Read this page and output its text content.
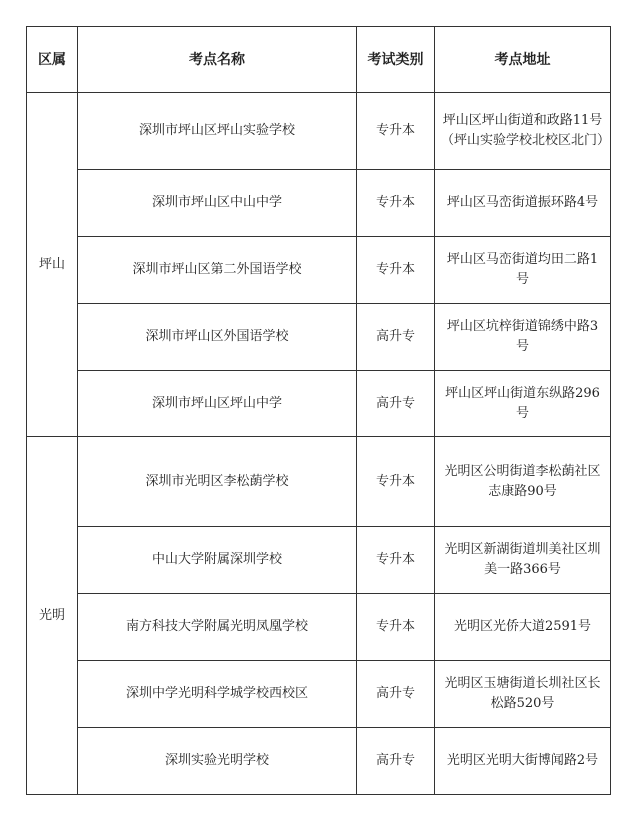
区属	考点名称	考试类别	考点地址
坪山	深圳市坪山区坪山实验学校	专升本	坪山区坪山街道和政路11号（坪山实验学校北校区北门）
	深圳市坪山区中山中学	专升本	坪山区马峦街道振环路4号
	深圳市坪山区第二外国语学校	专升本	坪山区马峦街道均田二路1号
	深圳市坪山区外国语学校	高升专	坪山区坑梓街道锦绣中路3号
	深圳市坪山区坪山中学	高升专	坪山区坪山街道东纵路296号
光明	深圳市光明区李松蓢学校	专升本	光明区公明街道李松蓢社区志康路90号
	中山大学附属深圳学校	专升本	光明区新湖街道圳美社区圳美一路366号
	南方科技大学附属光明凤凰学校	专升本	光明区光侨大道2591号
	深圳中学光明科学城学校西校区	高升专	光明区玉塘街道长圳社区长松路520号
	深圳实验光明学校	高升专	光明区光明大街博闻路2号
